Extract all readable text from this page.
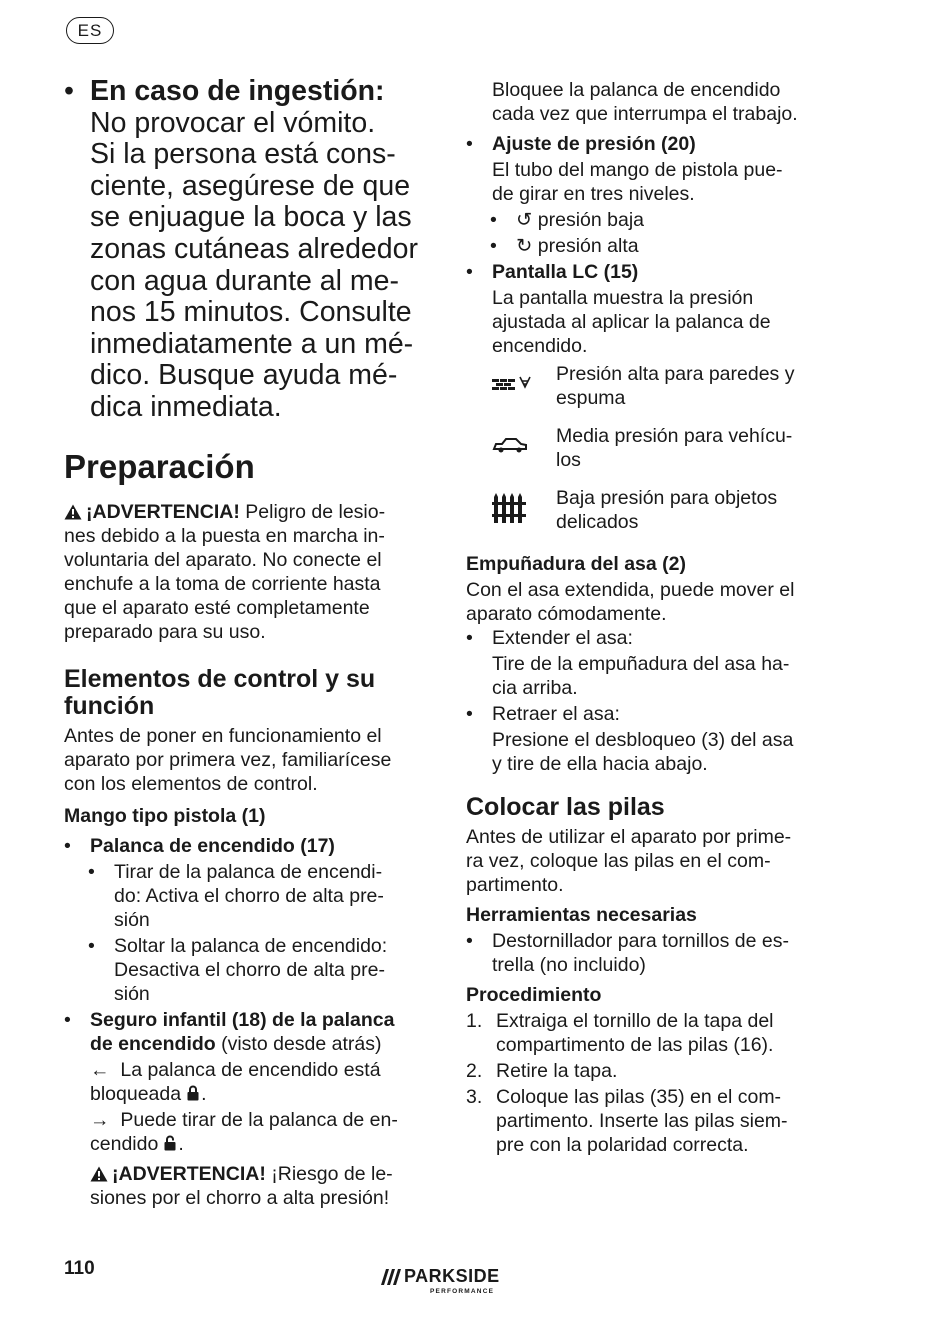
ES
• En caso de ingestión:
No provocar el vómito.
Si la persona está cons-
ciente, asegúrese de que
se enjuague la boca y las
zonas cutáneas alrededor
con agua durante al me-
nos 15 minutos. Consulte
inmediatamente a un mé-
dico. Busque ayuda mé-
dica inmediata.
Preparación
¡ADVERTENCIA! Peligro de lesio-
nes debido a la puesta en marcha in-
voluntaria del aparato. No conecte el
enchufe a la toma de corriente hasta
que el aparato esté completamente
preparado para su uso.
Elementos de control y su
función
Antes de poner en funcionamiento el
aparato por primera vez, familiarícese
con los elementos de control.
Mango tipo pistola (1)
• Palanca de encendido (17)
• Tirar de la palanca de encendi-
do: Activa el chorro de alta pre-
sión
• Soltar la palanca de encendido:
Desactiva el chorro de alta pre-
sión
• Seguro infantil (18) de la palanca
de encendido (visto desde atrás)
← La palanca de encendido está
bloqueada .
→ Puede tirar de la palanca de en-
cendido .
¡ADVERTENCIA! ¡Riesgo de le-
siones por el chorro a alta presión!
Bloquee la palanca de encendido
cada vez que interrumpa el trabajo.
• Ajuste de presión (20)
El tubo del mango de pistola pue-
de girar en tres niveles.
• ↺ presión baja
• ↻ presión alta
• Pantalla LC (15)
La pantalla muestra la presión
ajustada al aplicar la palanca de
encendido.
Presión alta para paredes y
espuma
Media presión para vehícu-
los
Baja presión para objetos
delicados
Empuñadura del asa (2)
Con el asa extendida, puede mover el
aparato cómodamente.
• Extender el asa:
Tire de la empuñadura del asa ha-
cia arriba.
• Retraer el asa:
Presione el desbloqueo (3) del asa
y tire de ella hacia abajo.
Colocar las pilas
Antes de utilizar el aparato por prime-
ra vez, coloque las pilas en el com-
partimento.
Herramientas necesarias
• Destornillador para tornillos de es-
trella (no incluido)
Procedimiento
1. Extraiga el tornillo de la tapa del
compartimento de las pilas (16).
2. Retire la tapa.
3. Coloque las pilas (35) en el com-
partimento. Inserte las pilas siem-
pre con la polaridad correcta.
110	PARKSIDE
PERFORMANCE
